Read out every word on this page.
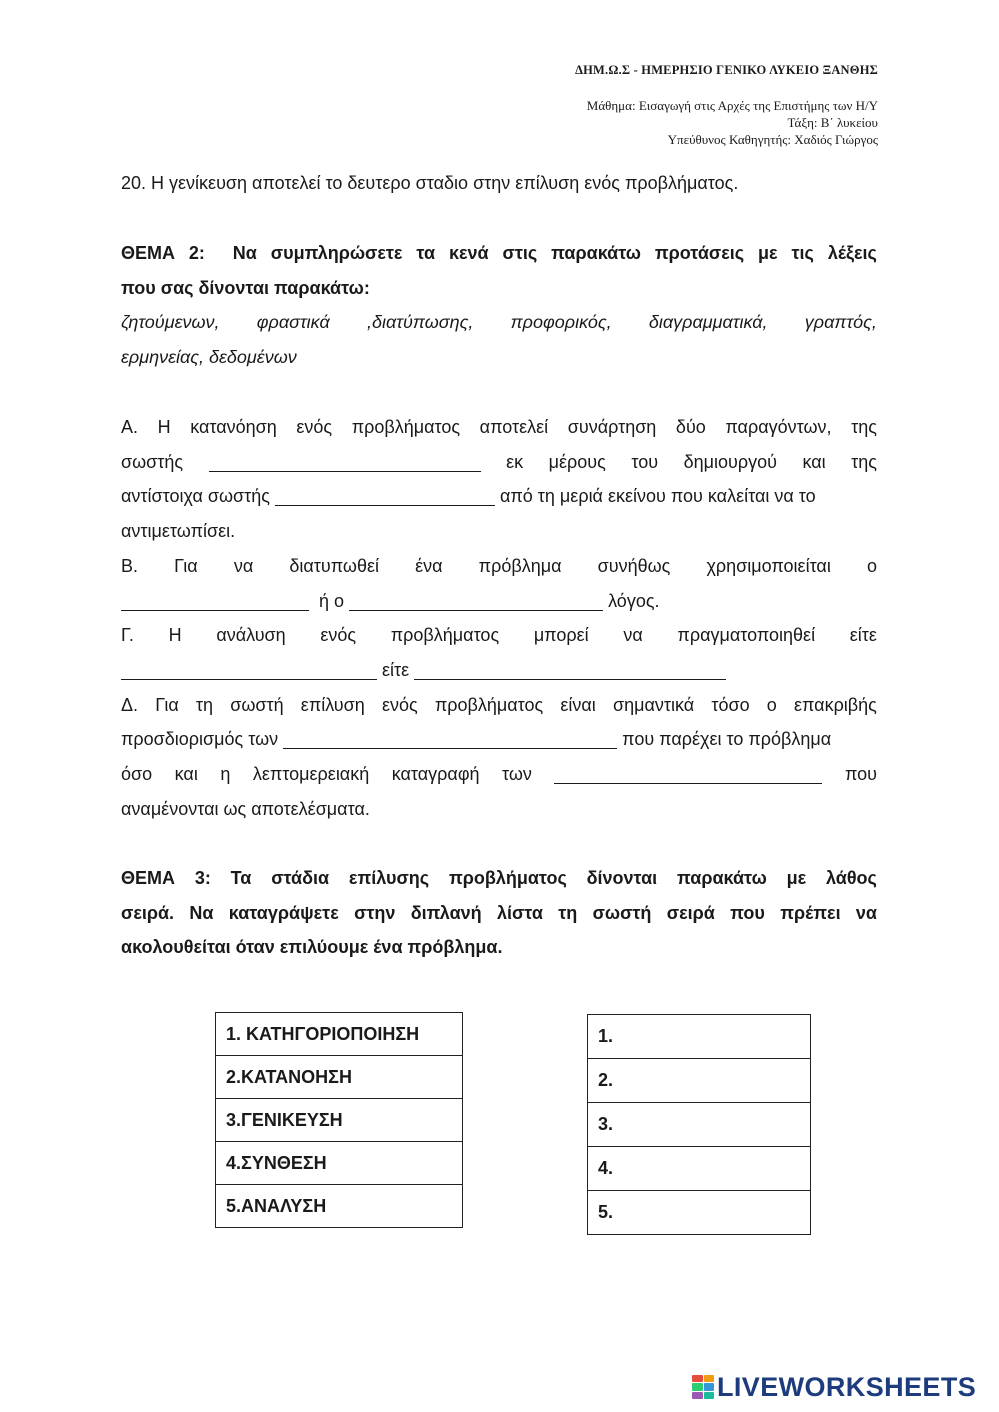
ΔΗΜ.Ω.Σ - ΗΜΕΡΗΣΙΟ ΓΕΝΙΚΟ ΛΥΚΕΙΟ ΞΑΝΘΗΣ
Μάθημα: Εισαγωγή στις Αρχές της Επιστήμης των Η/Υ
Τάξη: Β΄ λυκείου
Υπεύθυνος Καθηγητής: Χαδιός Γιώργος
20. Η γενίκευση αποτελεί το δευτερο σταδιο στην επίλυση ενός προβλήματος.
ΘΕΜΑ 2: Να συμπληρώσετε τα κενά στις παρακάτω προτάσεις με τις λέξεις
που σας δίνονται παρακάτω:
ζητούμενων, φραστικά ,διατύπωσης, προφορικός, διαγραμματικά, γραπτός,
ερμηνείας, δεδομένων
Α. Η κατανόηση ενός προβλήματος αποτελεί συνάρτηση δύο παραγόντων, της
σωστής	εκ μέρους του δημιουργού και της
αντίστοιχα σωστής	από τη μεριά εκείνου που καλείται να το
αντιμετωπίσει.
Β. Για να διατυπωθεί ένα πρόβλημα συνήθως χρησιμοποιείται ο
ή ο	λόγος.
Γ. Η ανάλυση ενός προβλήματος μπορεί να πραγματοποιηθεί είτε
είτε
Δ. Για τη σωστή επίλυση ενός προβλήματος είναι σημαντικά τόσο ο επακριβής
προσδιορισμός των	που παρέχει το πρόβλημα
όσο και η λεπτομερειακή καταγραφή των	που
αναμένονται ως αποτελέσματα.
ΘΕΜΑ 3: Τα στάδια επίλυσης προβλήματος δίνονται παρακάτω με λάθος
σειρά. Να καταγράψετε στην διπλανή λίστα τη σωστή σειρά που πρέπει να
ακολουθείται όταν επιλύουμε ένα πρόβλημα.
1. ΚΑΤΗΓΟΡΙΟΠΟΙΗΣΗ
2.ΚΑΤΑΝΟΗΣΗ
3.ΓΕΝΙΚΕΥΣΗ
4.ΣΥΝΘΕΣΗ
5.ΑΝΑΛΥΣΗ
1.
2.
3.
4.
5.
LIVEWORKSHEETS
